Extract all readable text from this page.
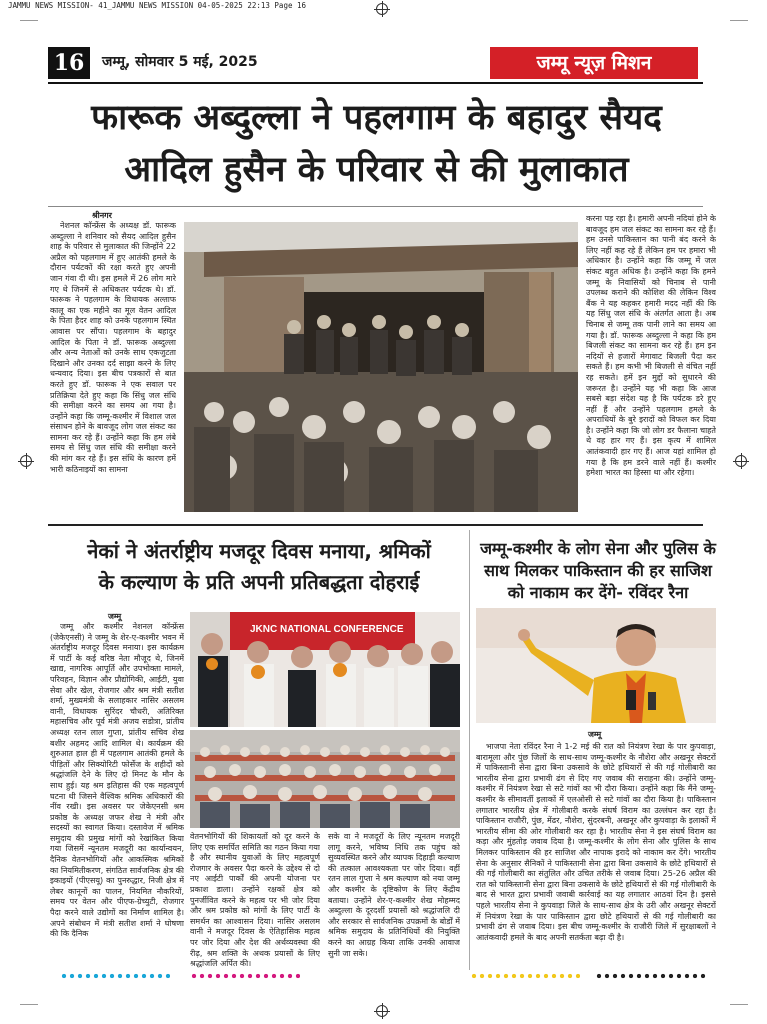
JAMMU NEWS MISSION- 41_JAMMU NEWS MISSION 04-05-2025 22:13 Page 16
16	जम्मू, सोमवार 5 मई, 2025	जम्मू न्यूज़ मिशन
फारूक अब्दुल्ला ने पहलगाम के बहादुर सैयद
आदिल हुसैन के परिवार से की मुलाकात
श्रीनगर
नेशनल कॉन्फ्रेंस के अध्यक्ष डॉ. फारूक अब्दुल्ला ने शनिवार को सैयद आदिल हुसैन शाह के परिवार से मुलाकात की जिन्होंने 22 अप्रैल को पहलगाम में हुए आतंकी हमले के दौरान पर्यटकों की रक्षा करते हुए अपनी जान गंवा दी थी। इस हमले में 26 लोग मारे गए थे जिनमें से अधिकतर पर्यटक थे। डॉ. फारूक ने पहलगाम के विधायक अल्ताफ कालू का एक महीने का मूल वेतन आदिल के पिता हैदर शाह को उनके पहलगाम स्थित आवास पर सौंपा। पहलगाम के बहादुर आदिल के पिता ने डॉ. फारूक अब्दुल्ला और अन्य नेताओं को उनके साथ एकजुटता दिखाने और उनका दर्द साझा करने के लिए धन्यवाद दिया। इस बीच पत्रकारों से बात करते हुए डॉ. फारूक ने एक सवाल पर प्रतिक्रिया देते हुए कहा कि सिंधु जल संधि की समीक्षा करने का समय आ गया है। उन्होंने कहा कि जम्मू-कश्मीर में विशाल जल संसाधन होने के बावजूद लोग जल संकट का सामना कर रहे हैं। उन्होंने कहा कि हम लंबे समय से सिंधु जल संधि की समीक्षा करने की मांग कर रहे हैं। इस संधि के कारण हमें भारी कठिनाइयों का सामना
करना पड़ रहा है। हमारी अपनी नदियां होने के बावजूद हम जल संकट का सामना कर रहे हैं। हम उनसे पाकिस्तान का पानी बंद करने के लिए नहीं कह रहे हैं लेकिन हम पर हमारा भी अधिकार है। उन्होंने कहा कि जम्मू में जल संकट बहुत अधिक है। उन्होंने कहा कि हमने जम्मू के निवासियों को चिनाब से पानी उपलब्ध कराने की कोशिश की लेकिन विश्व बैंक ने यह कहकर हमारी मदद नहीं की कि यह सिंधु जल संधि के अंतर्गत आता है। अब चिनाब से जम्मू तक पानी लाने का समय आ गया है। डॉ. फारूक अब्दुल्ला ने कहा कि हम बिजली संकट का सामना कर रहे हैं। हम इन नदियों से हजारों मेगावाट बिजली पैदा कर सकते हैं। हम कभी भी बिजली से वंचित नहीं रह सकते। हमें इन मुद्दों को सुधारने की जरूरत है। उन्होंने यह भी कहा कि आज सबसे बड़ा संदेश यह है कि पर्यटक डरे हुए नहीं हैं और उन्होंने पहलगाम हमले के अपराधियों के बुरे इरादों को विफल कर दिया है। उन्होंने कहा कि जो लोग डर फैलाना चाहते थे वह हार गए हैं। इस कृत्य में शामिल आतंकवादी हार गए हैं। आज यहां शामिल हो गया है कि हम डरने वाले नहीं हैं। कश्मीर हमेशा भारत का हिस्सा था और रहेगा।
नेकां ने अंतर्राष्ट्रीय मजदूर दिवस मनाया, श्रमिकों
के कल्याण के प्रति अपनी प्रतिबद्धता दोहराई
जम्मू
जम्मू और कश्मीर नेशनल कॉन्फ्रेंस (जेकेएनसी) ने जम्मू के शेर-ए-कश्मीर भवन में अंतर्राष्ट्रीय मजदूर दिवस मनाया। इस कार्यक्रम में पार्टी के कई वरिष्ठ नेता मौजूद थे, जिनमें खाद्य, नागरिक आपूर्ति और उपभोक्ता मामले, परिवहन, विज्ञान और प्रौद्योगिकी, आईटी, युवा सेवा और खेल, रोजगार और श्रम मंत्री सतीश शर्मा, मुख्यमंत्री के सलाहकार नासिर असलम वानी, विधायक सुरिंदर चौधरी, अतिरिक्त महासचिव और पूर्व मंत्री अजय सडोत्रा, प्रांतीय अध्यक्ष रतन लाल गुप्ता, प्रांतीय सचिव शेख बशीर अहमद आदि शामिल थे। कार्यक्रम की शुरुआत हाल ही में पहलगाम आतंकी हमले के पीड़ितों और सिक्योरिटी फोर्सेज के शहीदों को श्रद्धांजलि देने के लिए दो मिनट के मौन के साथ हुई। यह श्रम इतिहास की एक महत्वपूर्ण घटना थी जिसने वैश्विक श्रमिक अधिकारों की नींव रखी। इस अवसर पर जेकेएनसी श्रम प्रकोष्ठ के अध्यक्ष जफर शेख ने मंत्री और सदस्यों का स्वागत किया। दस्तावेज में श्रमिक समुदाय की प्रमुख मांगों को रेखांकित किया गया जिसमें न्यूनतम मजदूरी का कार्यान्वयन, दैनिक वेतनभोगियों और आकस्मिक श्रमिकों का नियमितीकरण, संगठित सार्वजनिक क्षेत्र की इकाइयों (पीएसयू) का पुनरुद्धार, निजी क्षेत्र में लेबर कानूनों का पालन, नियमित नौकरियों, समय पर वेतन और पीएफ-ग्रेच्युटी, रोजगार पैदा करने वाले उद्योगों का निर्माण शामिल है। अपने संबोधन में मंत्री सतीश शर्मा ने घोषणा की कि दैनिक
JKNC NATIONAL CONFERENCE
वेतनभोगियों की शिकायतों को दूर करने के लिए एक समर्पित समिति का गठन किया गया है और स्थानीय युवाओं के लिए महत्वपूर्ण रोजगार के अवसर पैदा करने के उद्देश्य से दो नए आईटी पार्कों की अपनी योजना पर प्रकाश डाला। उन्होंने रक्षकों क्षेत्र को पुनर्जीवित करने के महत्व पर भी जोर दिया और श्रम प्रकोष्ठ को मांगों के लिए पार्टी के समर्थन का आश्वासन दिया। नासिर असलम वानी ने मजदूर दिवस के ऐतिहासिक महत्व पर जोर दिया और देश की अर्थव्यवस्था की रीढ़, श्रम शक्ति के अथक प्रयासों के लिए श्रद्धांजलि अर्पित की।
सके वा ने मजदूरों के लिए न्यूनतम मजदूरी लागू करने, भविष्य निधि तक पहुंच को सुव्यवस्थित करने और व्यापक दिहाड़ी कल्याण की तत्काल आवश्यकता पर जोर दिया। वहीं रतन लाल गुप्ता ने श्रम कल्याण को नया जम्मू और कश्मीर के दृष्टिकोण के लिए केंद्रीय बताया। उन्होंने शेर-ए-कश्मीर शेख मोहम्मद अब्दुल्ला के दूरदर्शी प्रयासों को श्रद्धांजलि दी और सरकार से सार्वजनिक उपक्रमों के बोर्डों में श्रमिक समुदाय के प्रतिनिधियों की नियुक्ति करने का आग्रह किया ताकि उनकी आवाज सुनी जा सके।
जम्मू-कश्मीर के लोग सेना और पुलिस के
साथ मिलकर पाकिस्तान की हर साजिश
को नाकाम कर देंगे- रविंदर रैना
जम्मू
भाजपा नेता रविंदर रैना ने 1-2 मई की रात को नियंत्रण रेखा के पार कुपवाड़ा, बारामूला और पुंछ जिलों के साथ-साथ जम्मू-कश्मीर के नौशेरा और अखनूर सेक्टरों में पाकिस्तानी सेना द्वारा बिना उकसावे के छोटे हथियारों से की गई गोलीबारी का भारतीय सेना द्वारा प्रभावी ढंग से दिए गए जवाब की सराहना की। उन्होंने जम्मू-कश्मीर में नियंत्रण रेखा से सटे गांवों का भी दौरा किया। उन्होंने कहा कि मैंने जम्मू-कश्मीर के सीमावर्ती इलाकों में एलओसी से सटे गांवों का दौरा किया है। पाकिस्तान लगातार भारतीय क्षेत्र में गोलीबारी करके संघर्ष विराम का उल्लंघन कर रहा है। पाकिस्तान राजौरी, पुंछ, मेंढर, नौशेरा, सुंदरबनी, अखनूर और कुपवाड़ा के इलाकों में भारतीय सीमा की ओर गोलीबारी कर रहा है। भारतीय सेना ने इस संघर्ष विराम का कड़ा और मुंहतोड़ जवाब दिया है। जम्मू-कश्मीर के लोग सेना और पुलिस के साथ मिलकर पाकिस्तान की हर साजिश और नापाक इरादे को नाकाम कर देंगे। भारतीय सेना के अनुसार सैनिकों ने पाकिस्तानी सेना द्वारा बिना उकसावे के छोटे हथियारों से की गई गोलीबारी का संतुलित और उचित तरीके से जवाब दिया। 25-26 अप्रैल की रात को पाकिस्तानी सेना द्वारा बिना उकसावे के छोटे हथियारों से की गई गोलीबारी के बाद से भारत द्वारा प्रभावी जवाबी कार्रवाई का यह लगातार आठवां दिन है। इससे पहले भारतीय सेना ने कुपवाड़ा जिले के साथ-साथ क्षेत्र के उरी और अखनूर सेक्टरों में नियंत्रण रेखा के पार पाकिस्तान द्वारा छोटे हथियारों से की गई गोलीबारी का प्रभावी ढंग से जवाब दिया। इस बीच जम्मू-कश्मीर के राजौरी जिले में सुरक्षाबलों ने आतंकवादी हमले के बाद अपनी सतर्कता बढ़ा दी है।
